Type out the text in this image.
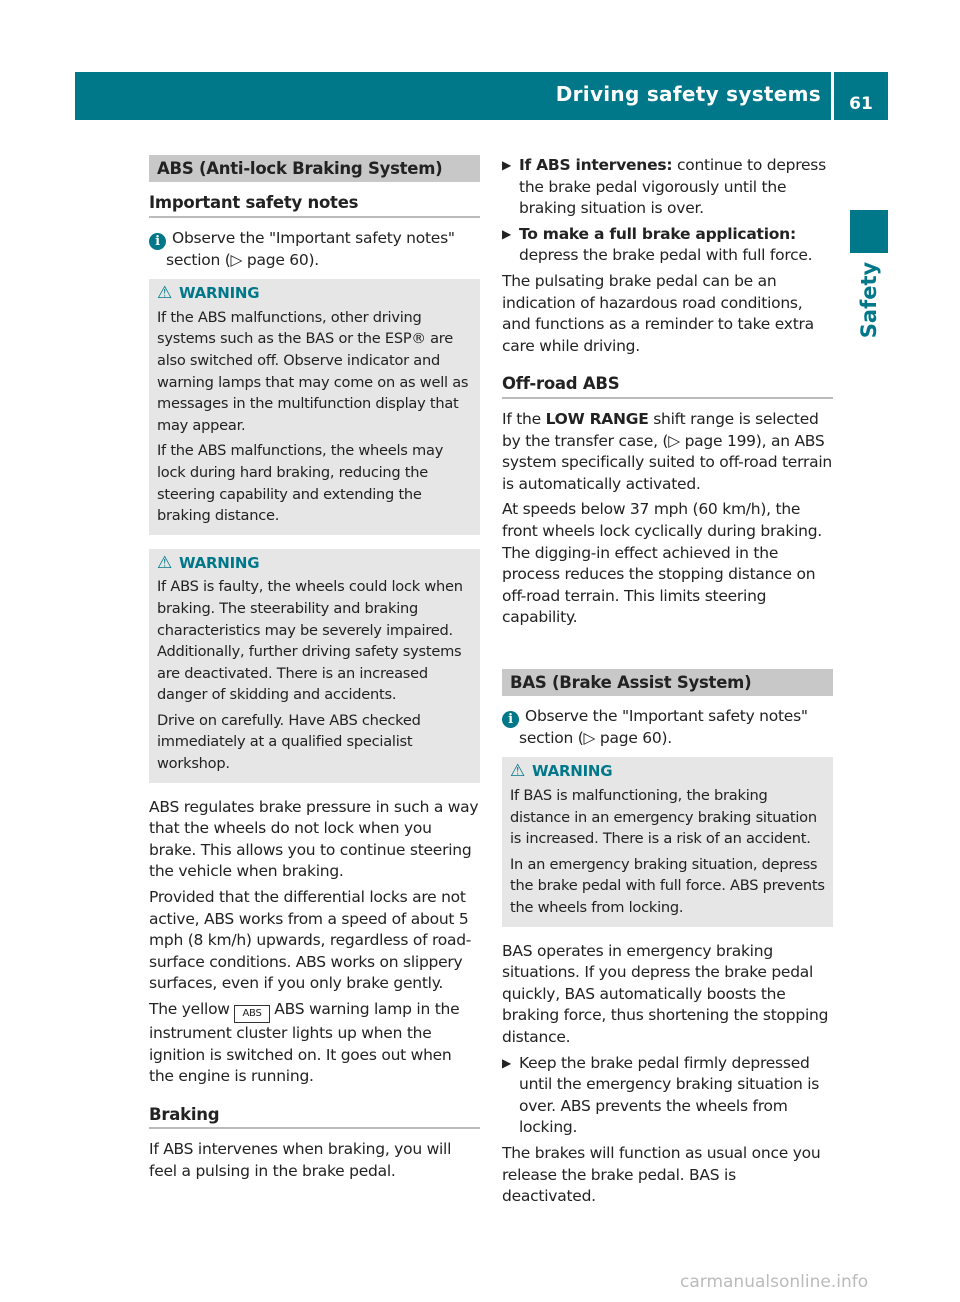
Driving safety systems	61
Safety
ABS (Anti-lock Braking System)
Important safety notes

i Observe the "Important safety notes" section (▷ page 60).

⚠ WARNING

If the ABS malfunctions, other driving systems such as the BAS or the ESP® are also switched off. Observe indicator and warning lamps that may come on as well as messages in the multifunction display that may appear.

If the ABS malfunctions, the wheels may lock during hard braking, reducing the steering capability and extending the braking distance.

⚠ WARNING

If ABS is faulty, the wheels could lock when braking. The steerability and braking characteristics may be severely impaired. Additionally, further driving safety systems are deactivated. There is an increased danger of skidding and accidents.

Drive on carefully. Have ABS checked immediately at a qualified specialist workshop.

ABS regulates brake pressure in such a way that the wheels do not lock when you brake. This allows you to continue steering the vehicle when braking.

Provided that the differential locks are not active, ABS works from a speed of about 5 mph (8 km/h) upwards, regardless of road-surface conditions. ABS works on slippery surfaces, even if you only brake gently.

The yellow ABS ABS warning lamp in the instrument cluster lights up when the ignition is switched on. It goes out when the engine is running.

Braking

If ABS intervenes when braking, you will feel a pulsing in the brake pedal.

▶ If ABS intervenes: continue to depress the brake pedal vigorously until the braking situation is over.
▶ To make a full brake application: depress the brake pedal with full force.

The pulsating brake pedal can be an indication of hazardous road conditions, and functions as a reminder to take extra care while driving.

Off-road ABS

If the LOW RANGE shift range is selected by the transfer case, (▷ page 199), an ABS system specifically suited to off-road terrain is automatically activated.

At speeds below 37 mph (60 km/h), the front wheels lock cyclically during braking. The digging-in effect achieved in the process reduces the stopping distance on off-road terrain. This limits steering capability.

BAS (Brake Assist System)

i Observe the "Important safety notes" section (▷ page 60).

⚠ WARNING

If BAS is malfunctioning, the braking distance in an emergency braking situation is increased. There is a risk of an accident.

In an emergency braking situation, depress the brake pedal with full force. ABS prevents the wheels from locking.

BAS operates in emergency braking situations. If you depress the brake pedal quickly, BAS automatically boosts the braking force, thus shortening the stopping distance.

▶ Keep the brake pedal firmly depressed until the emergency braking situation is over. ABS prevents the wheels from locking.

The brakes will function as usual once you release the brake pedal. BAS is deactivated.

carmanualsonline.info
